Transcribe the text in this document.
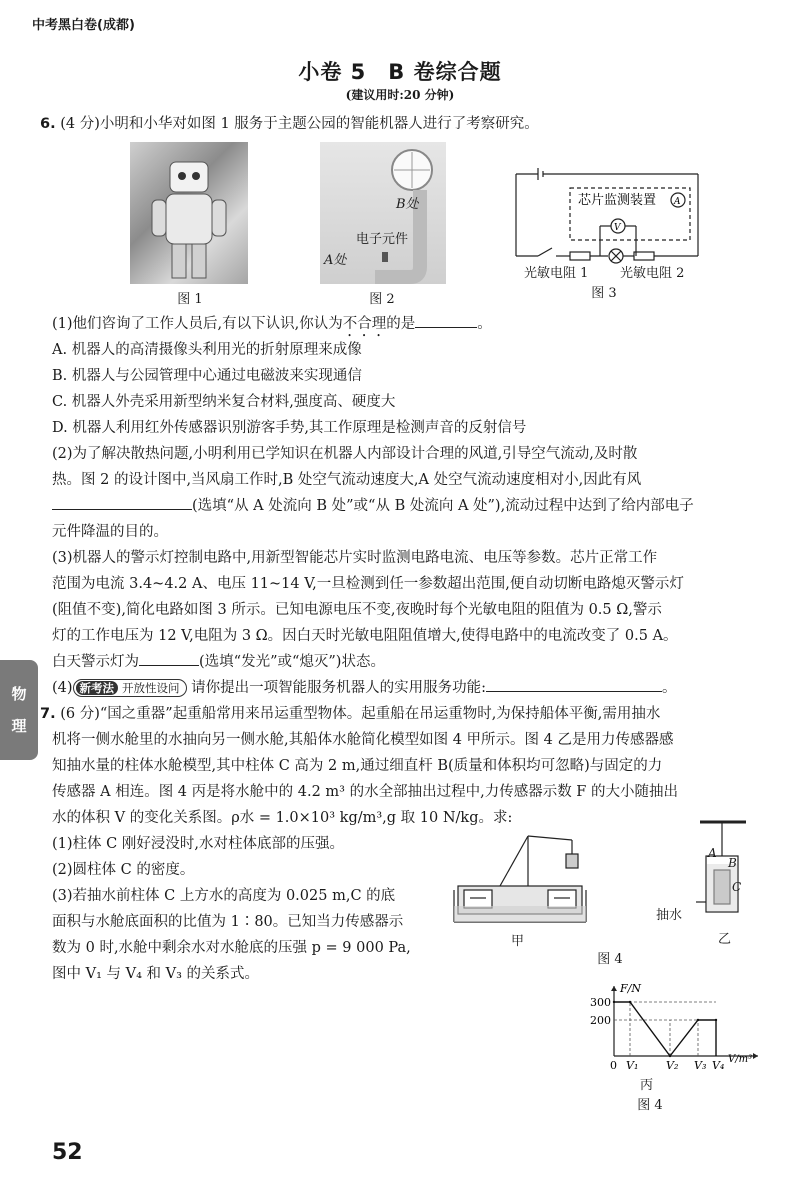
中考黑白卷(成都)
小卷 5　B 卷综合题
(建议用时:20 分钟)
物
理
6. (4 分)小明和小华对如图 1 服务于主题公园的智能机器人进行了考察研究。
图 1
B处
电子元件
A处
图 2
芯片监测装置 A
V
光敏电阻 1 光敏电阻 2
图 3
(1)他们咨询了工作人员后,有以下认识,你认为不合理的是	。
A. 机器人的高清摄像头利用光的折射原理来成像
B. 机器人与公园管理中心通过电磁波来实现通信
C. 机器人外壳采用新型纳米复合材料,强度高、硬度大
D. 机器人利用红外传感器识别游客手势,其工作原理是检测声音的反射信号
(2)为了解决散热问题,小明利用已学知识在机器人内部设计合理的风道,引导空气流动,及时散
热。图 2 的设计图中,当风扇工作时,B 处空气流动速度大,A 处空气流动速度相对小,因此有风
(选填“从 A 处流向 B 处”或“从 B 处流向 A 处”),流动过程中达到了给内部电子
元件降温的目的。
(3)机器人的警示灯控制电路中,用新型智能芯片实时监测电路电流、电压等参数。芯片正常工作
范围为电流 3.4~4.2 A、电压 11~14 V,一旦检测到任一参数超出范围,便自动切断电路熄灭警示灯
(阻值不变),简化电路如图 3 所示。已知电源电压不变,夜晚时每个光敏电阻的阻值为 0.5 Ω,警示
灯的工作电压为 12 V,电阻为 3 Ω。因白天时光敏电阻阻值增大,使得电路中的电流改变了 0.5 A。
白天警示灯为	(选填“发光”或“熄灭”)状态。
(4) 新考法 开放性设问 请你提出一项智能服务机器人的实用服务功能:	。
7. (6 分)“国之重器”起重船常用来吊运重型物体。起重船在吊运重物时,为保持船体平衡,需用抽水
机将一侧水舱里的水抽向另一侧水舱,其船体水舱简化模型如图 4 甲所示。图 4 乙是用力传感器感
知抽水量的柱体水舱模型,其中柱体 C 高为 2 m,通过细直杆 B(质量和体积均可忽略)与固定的力
传感器 A 相连。图 4 丙是将水舱中的 4.2 m³ 的水全部抽出过程中,力传感器示数 F 的大小随抽出
水的体积 V 的变化关系图。ρ水 = 1.0×10³ kg/m³,g 取 10 N/kg。求:
(1)柱体 C 刚好浸没时,水对柱体底部的压强。
(2)圆柱体 C 的密度。
(3)若抽水前柱体 C 上方水的高度为 0.025 m,C 的底
面积与水舱底面积的比值为 1∶80。已知当力传感器示
数为 0 时,水舱中剩余水对水舱底的压强 p = 9 000 Pa,
图中 V₁ 与 V₄ 和 V₃ 的关系式。
甲
A
B
C
抽水
乙
图 4
F/N
V/m³
300
200
0 V₁	V₂ V₃ V₄
丙
图 4
52
